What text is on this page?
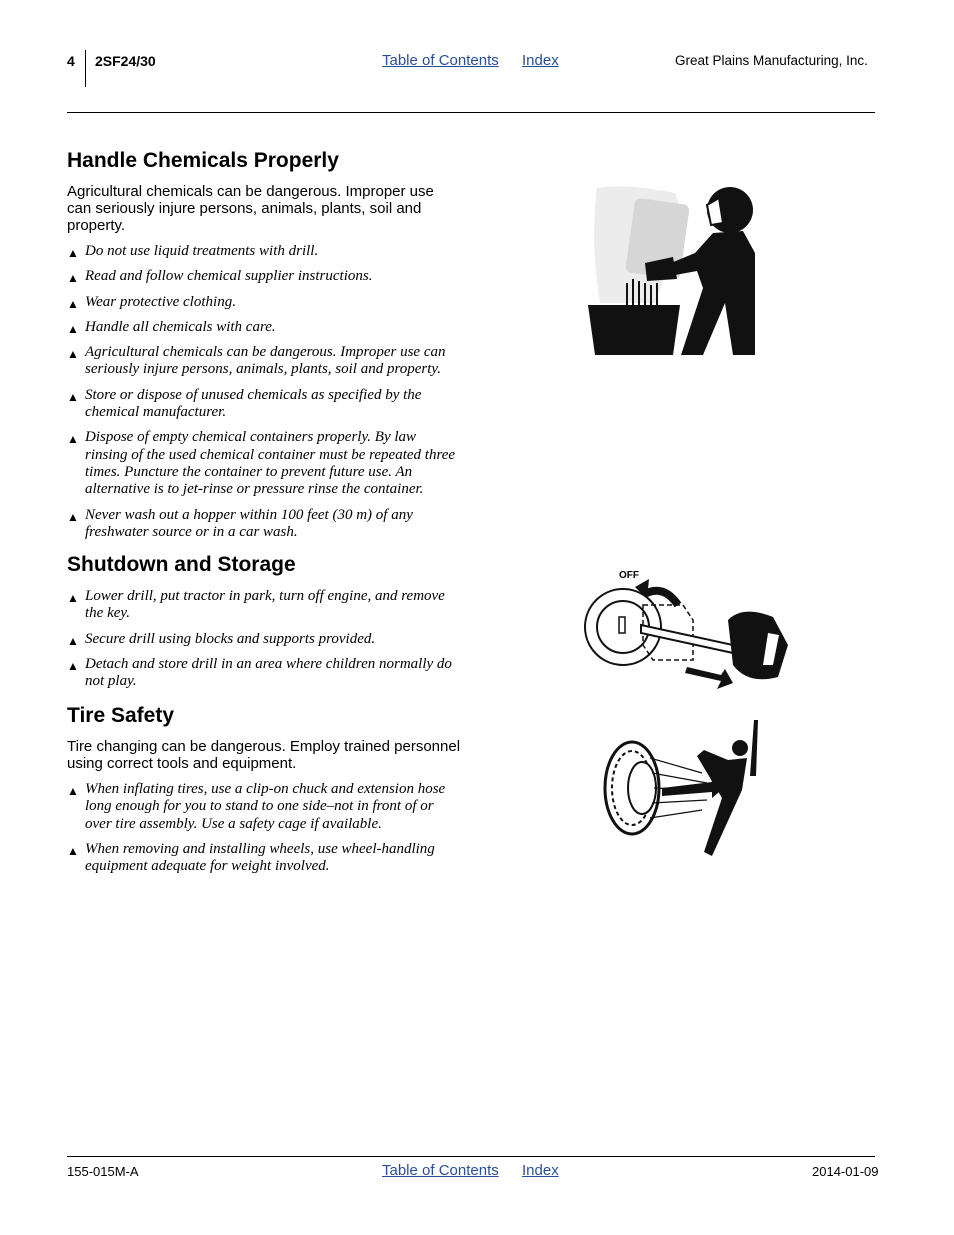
4 2SF24/30	Table of Contents Index	Great Plains Manufacturing, Inc.
Handle Chemicals Properly

Agricultural chemicals can be dangerous. Improper use can seriously injure persons, animals, plants, soil and property.

▲ Do not use liquid treatments with drill.
▲ Read and follow chemical supplier instructions.
▲ Wear protective clothing.
▲ Handle all chemicals with care.
▲ Agricultural chemicals can be dangerous. Improper use can seriously injure persons, animals, plants, soil and property.
▲ Store or dispose of unused chemicals as specified by the chemical manufacturer.
▲ Dispose of empty chemical containers properly. By law rinsing of the used chemical container must be repeated three times. Puncture the container to prevent future use. An alternative is to jet-rinse or pressure rinse the container.
▲ Never wash out a hopper within 100 feet (30 m) of any freshwater source or in a car wash.
Shutdown and Storage
▲ Lower drill, put tractor in park, turn off engine, and remove the key.
▲ Secure drill using blocks and supports provided.
▲ Detach and store drill in an area where children normally do not play.
Tire Safety

Tire changing can be dangerous. Employ trained personnel using correct tools and equipment.

▲ When inflating tires, use a clip-on chuck and extension hose long enough for you to stand to one side–not in front of or over tire assembly. Use a safety cage if available.
▲ When removing and installing wheels, use wheel-handling equipment adequate for weight involved.
OFF
155-015M-A	Table of Contents Index	2014-01-09
